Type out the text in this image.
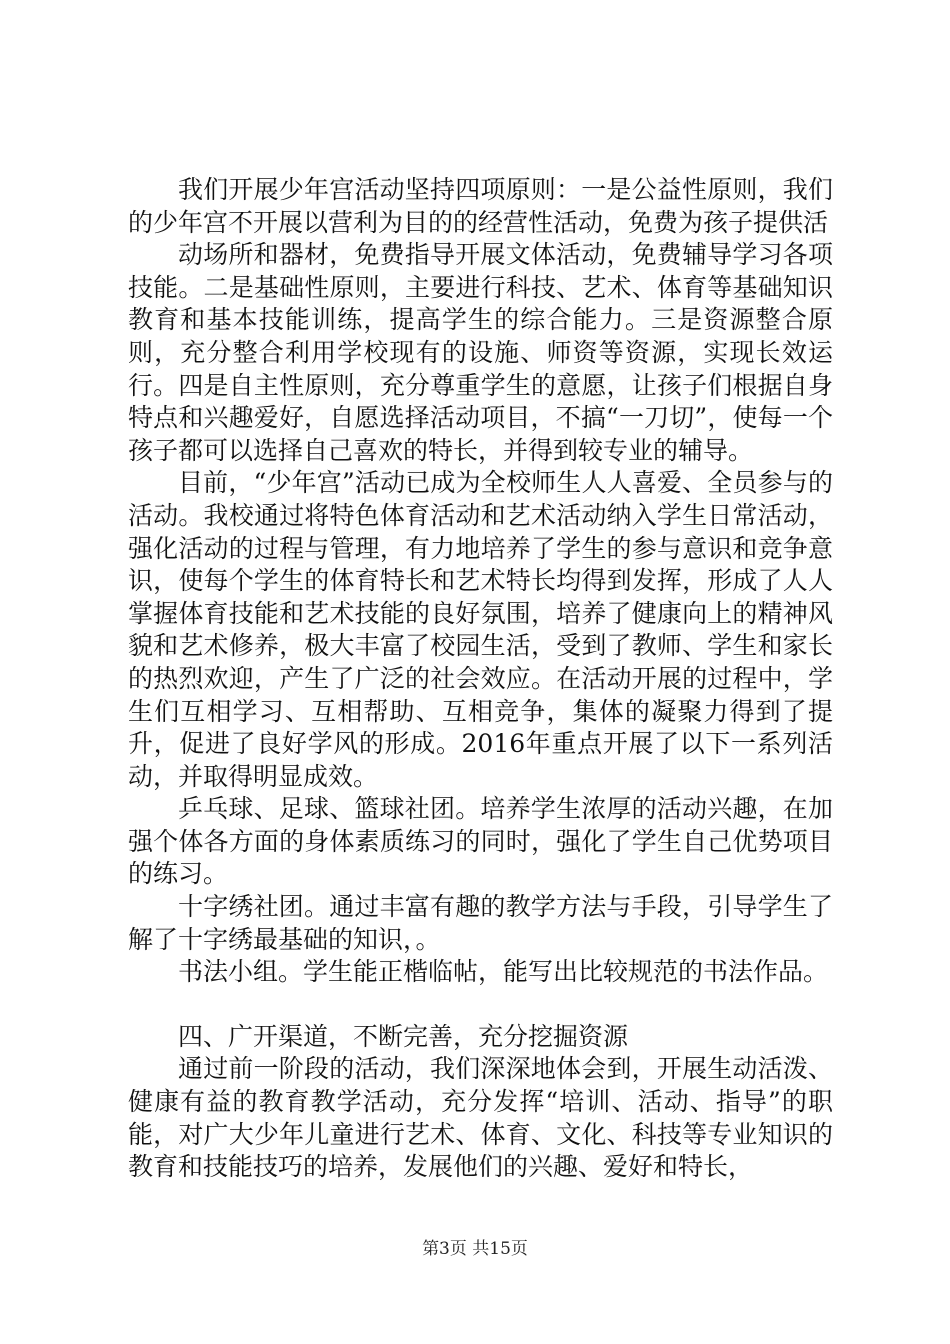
我们开展少年宫活动坚持四项原则：一是公益性原则，我们的少年宫不开展以营利为目的的经营性活动，免费为孩子提供活

动场所和器材，免费指导开展文体活动，免费辅导学习各项技能。二是基础性原则，主要进行科技、艺术、体育等基础知识教育和基本技能训练，提高学生的综合能力。三是资源整合原则，充分整合利用学校现有的设施、师资等资源，实现长效运行。四是自主性原则，充分尊重学生的意愿，让孩子们根据自身特点和兴趣爱好，自愿选择活动项目，不搞“一刀切”，使每一个孩子都可以选择自己喜欢的特长，并得到较专业的辅导。

目前，“少年宫”活动已成为全校师生人人喜爱、全员参与的活动。我校通过将特色体育活动和艺术活动纳入学生日常活动，强化活动的过程与管理，有力地培养了学生的参与意识和竞争意识，使每个学生的体育特长和艺术特长均得到发挥，形成了人人掌握体育技能和艺术技能的良好氛围，培养了健康向上的精神风貌和艺术修养，极大丰富了校园生活，受到了教师、学生和家长的热烈欢迎，产生了广泛的社会效应。在活动开展的过程中，学生们互相学习、互相帮助、互相竞争，集体的凝聚力得到了提升，促进了良好学风的形成。2016年重点开展了以下一系列活动，并取得明显成效。

乒乓球、足球、篮球社团。培养学生浓厚的活动兴趣，在加强个体各方面的身体素质练习的同时，强化了学生自己优势项目的练习。

十字绣社团。通过丰富有趣的教学方法与手段，引导学生了解了十字绣最基础的知识，。

书法小组。学生能正楷临帖，能写出比较规范的书法作品。

四、广开渠道，不断完善，充分挖掘资源

通过前一阶段的活动，我们深深地体会到，开展生动活泼、健康有益的教育教学活动，充分发挥“培训、活动、指导”的职能，对广大少年儿童进行艺术、体育、文化、科技等专业知识的教育和技能技巧的培养，发展他们的兴趣、爱好和特长，

第3页 共15页
